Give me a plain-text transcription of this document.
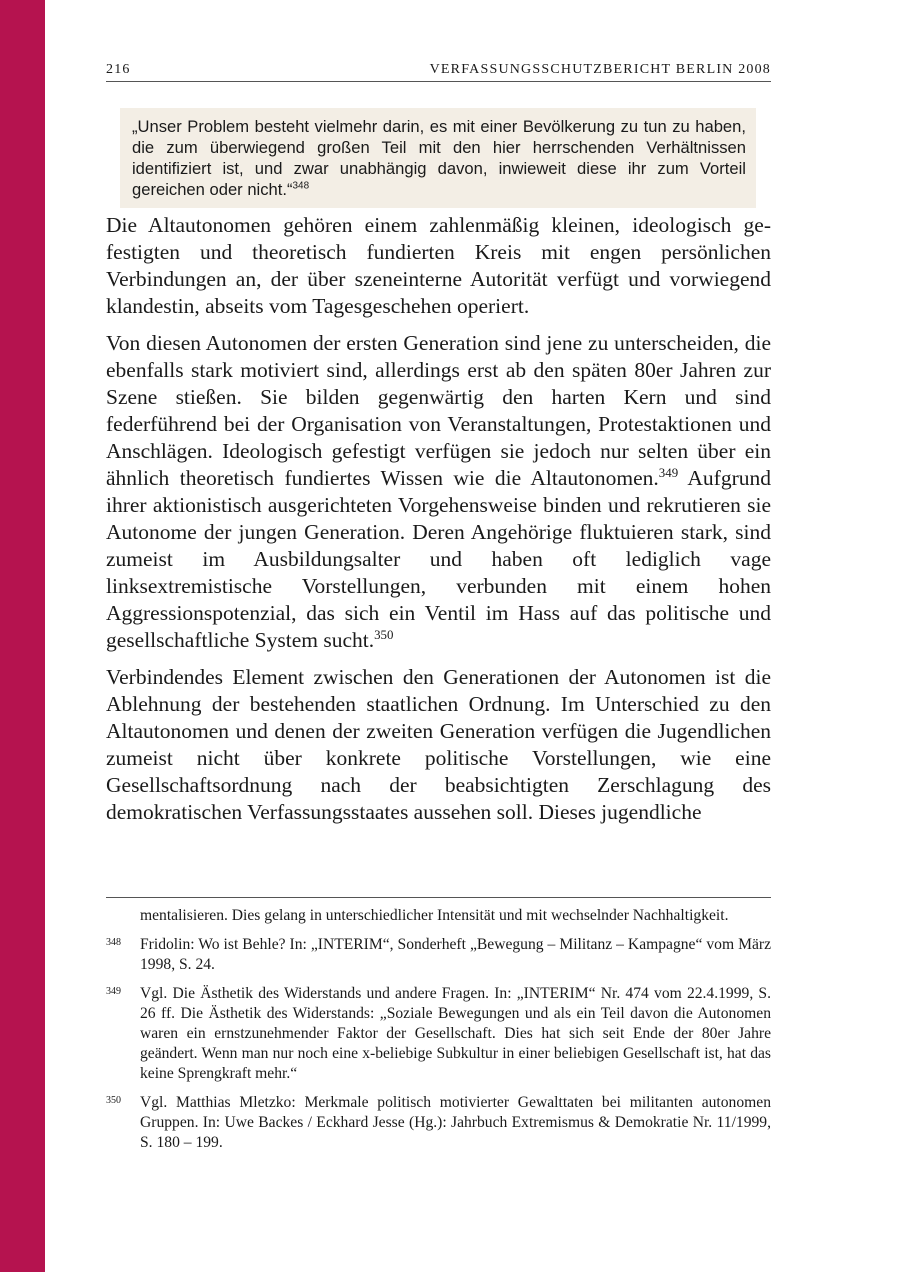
216	VERFASSUNGSSCHUTZBERICHT BERLIN 2008
„Unser Problem besteht vielmehr darin, es mit einer Bevölkerung zu tun zu haben, die zum überwiegend großen Teil mit den hier herrschenden Verhältnissen identifiziert ist, und zwar unabhängig davon, inwieweit diese ihr zum Vorteil gereichen oder nicht.“$^{348}$

Die Altautonomen gehören einem zahlenmäßig kleinen, ideologisch gefestigten und theoretisch fundierten Kreis mit engen persönlichen Verbindungen an, der über szeneinterne Autorität verfügt und vorwiegend klandestin, abseits vom Tagesgeschehen operiert.

Von diesen Autonomen der ersten Generation sind jene zu unterscheiden, die ebenfalls stark motiviert sind, allerdings erst ab den späten 80er Jahren zur Szene stießen. Sie bilden gegenwärtig den harten Kern und sind federführend bei der Organisation von Veranstaltungen, Protestaktionen und Anschlägen. Ideologisch gefestigt verfügen sie jedoch nur selten über ein ähnlich theoretisch fundiertes Wissen wie die Altautonomen.$^{349}$ Aufgrund ihrer aktionistisch ausgerichteten Vorgehensweise binden und rekrutieren sie Autonome der jungen Generation. Deren Angehörige fluktuieren stark, sind zumeist im Ausbildungsalter und haben oft lediglich vage linksextremistische Vorstellungen, verbunden mit einem hohen Aggressionspotenzial, das sich ein Ventil im Hass auf das politische und gesellschaftliche System sucht.$^{350}$

Verbindendes Element zwischen den Generationen der Autonomen ist die Ablehnung der bestehenden staatlichen Ordnung. Im Unterschied zu den Altautonomen und denen der zweiten Generation verfügen die Jugendlichen zumeist nicht über konkrete politische Vorstellungen, wie eine Gesellschaftsordnung nach der beabsichtigten Zerschlagung des demokratischen Verfassungsstaates aussehen soll. Dieses jugendliche

mentalisieren. Dies gelang in unterschiedlicher Intensität und mit wechselnder Nachhaltigkeit.
348	Fridolin: Wo ist Behle? In: „INTERIM“, Sonderheft „Bewegung – Militanz – Kampagne“ vom März 1998, S. 24.
349	Vgl. Die Ästhetik des Widerstands und andere Fragen. In: „INTERIM“ Nr. 474 vom 22.4.1999, S. 26 ff. Die Ästhetik des Widerstands: „Soziale Bewegungen und als ein Teil davon die Autonomen waren ein ernstzunehmender Faktor der Gesellschaft. Dies hat sich seit Ende der 80er Jahre geändert. Wenn man nur noch eine x-beliebige Subkultur in einer beliebigen Gesellschaft ist, hat das keine Sprengkraft mehr.“
350	Vgl. Matthias Mletzko: Merkmale politisch motivierter Gewalttaten bei militanten autonomen Gruppen. In: Uwe Backes / Eckhard Jesse (Hg.): Jahrbuch Extremismus & Demokratie Nr. 11/1999, S. 180 – 199.
